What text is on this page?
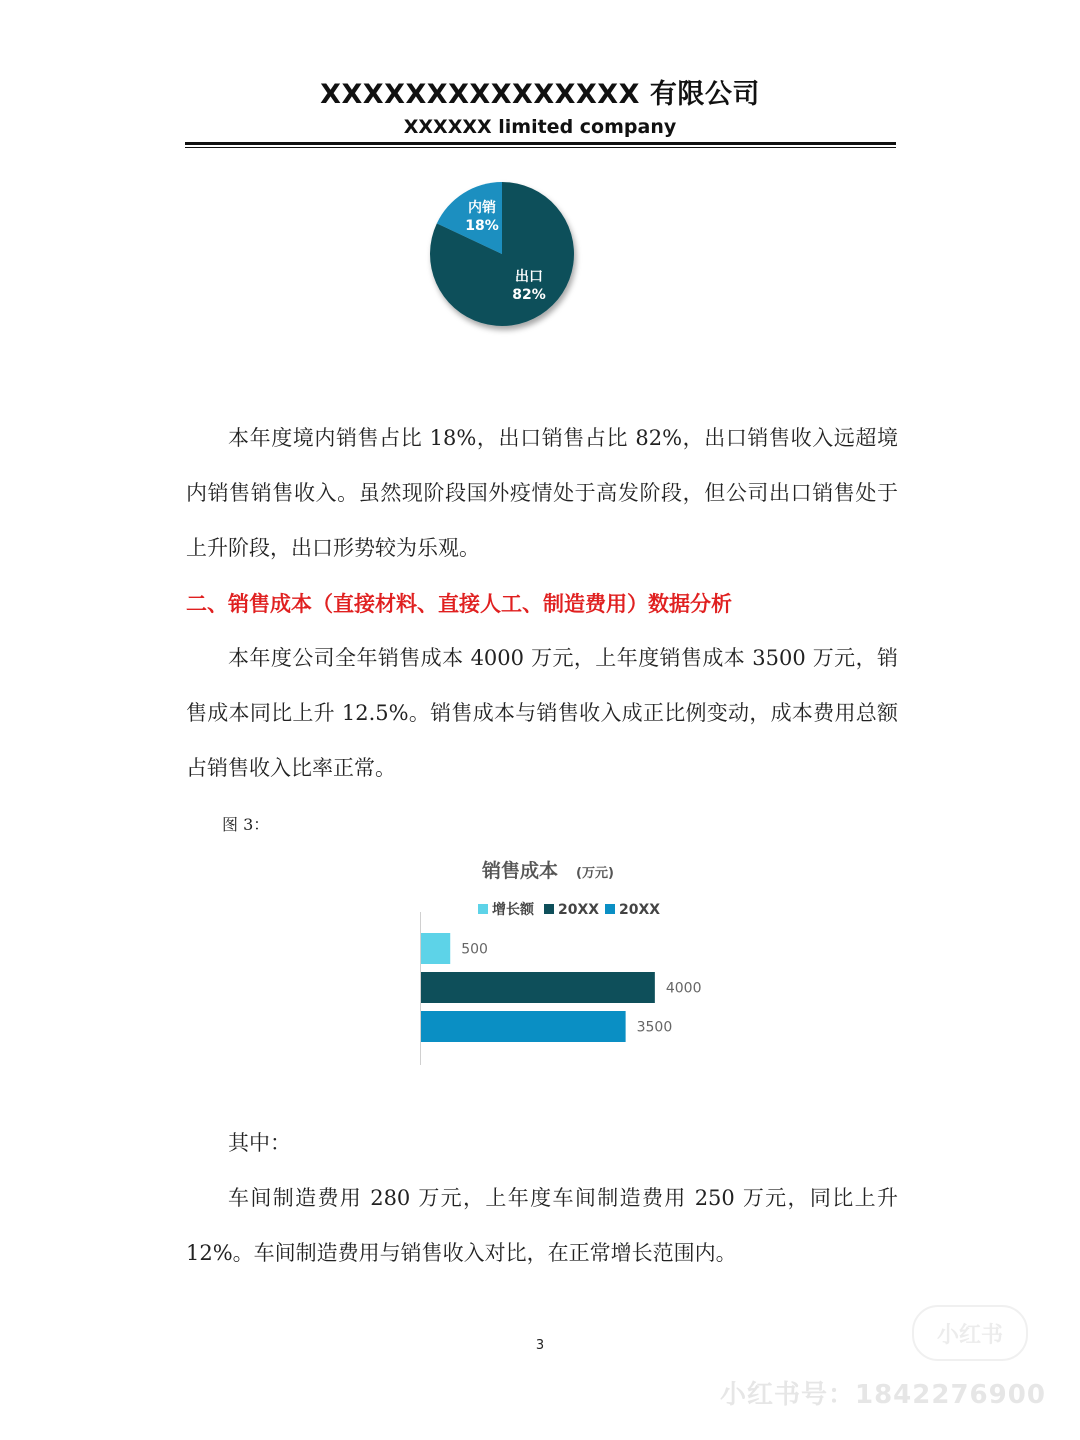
XXXXXXXXXXXXXXX 有限公司
XXXXXX limited company
内销
18%
出口
82%
本年度境内销售占比 18%，出口销售占比 82%，出口销售收入远超境内销售销售收入。虽然现阶段国外疫情处于高发阶段，但公司出口销售处于上升阶段，出口形势较为乐观。
二、销售成本（直接材料、直接人工、制造费用）数据分析
本年度公司全年销售成本 4000 万元，上年度销售成本 3500 万元，销售成本同比上升 12.5%。销售成本与销售收入成正比例变动，成本费用总额占销售收入比率正常。
图 3：
销售成本 (万元)
增长额 20XX 20XX
500
4000
3500
其中：
车间制造费用 280 万元，上年度车间制造费用 250 万元，同比上升 12%。车间制造费用与销售收入对比，在正常增长范围内。
3	小红书
小红书号：1842276900
